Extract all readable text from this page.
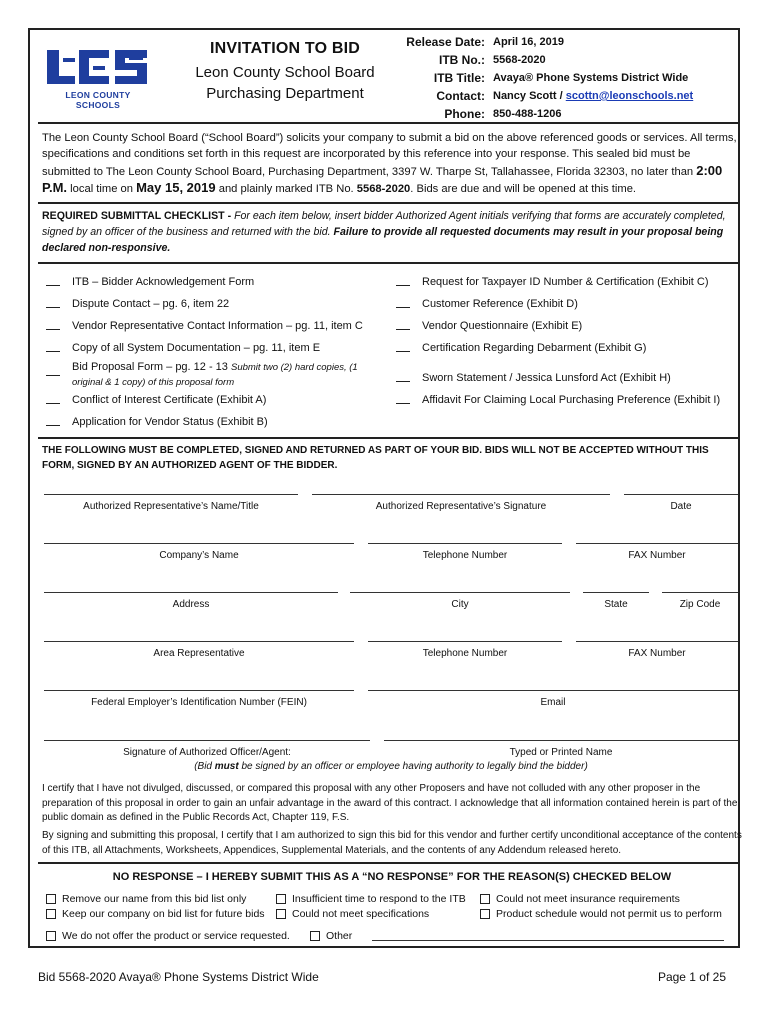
LEON COUNTY SCHOOLS
INVITATION TO BID
Leon County School Board
Purchasing Department
Release Date: April 16, 2019
ITB No.: 5568-2020
ITB Title: Avaya® Phone Systems District Wide
Contact: Nancy Scott / scottn@leonschools.net
Phone: 850-488-1206
The Leon County School Board (“School Board”) solicits your company to submit a bid on the above referenced goods or services. All terms, specifications and conditions set forth in this request are incorporated by this reference into your response. This sealed bid must be submitted to The Leon County School Board, Purchasing Department, 3397 W. Tharpe St, Tallahassee, Florida 32303, no later than 2:00 P.M. local time on May 15, 2019 and plainly marked ITB No. 5568-2020. Bids are due and will be opened at this time.
REQUIRED SUBMITTAL CHECKLIST - For each item below, insert bidder Authorized Agent initials verifying that forms are accurately completed, signed by an officer of the business and returned with the bid. Failure to provide all requested documents may result in your proposal being declared non-responsive.
ITB – Bidder Acknowledgement Form
Dispute Contact – pg. 6, item 22
Vendor Representative Contact Information – pg. 11, item C
Copy of all System Documentation – pg. 11, item E
Bid Proposal Form – pg. 12 - 13 Submit two (2) hard copies, (1 original & 1 copy) of this proposal form
Conflict of Interest Certificate (Exhibit A)
Application for Vendor Status (Exhibit B)
Request for Taxpayer ID Number & Certification (Exhibit C)
Customer Reference (Exhibit D)
Vendor Questionnaire (Exhibit E)
Certification Regarding Debarment (Exhibit G)
Sworn Statement / Jessica Lunsford Act (Exhibit H)
Affidavit For Claiming Local Purchasing Preference (Exhibit I)
THE FOLLOWING MUST BE COMPLETED, SIGNED AND RETURNED AS PART OF YOUR BID. BIDS WILL NOT BE ACCEPTED WITHOUT THIS FORM, SIGNED BY AN AUTHORIZED AGENT OF THE BIDDER.
Authorized Representative’s Name/Title	Authorized Representative’s Signature	Date
Company’s Name	Telephone Number	FAX Number
Address	City	State	Zip Code
Area Representative	Telephone Number	FAX Number
Federal Employer’s Identification Number (FEIN)	Email
Signature of Authorized Officer/Agent:	Typed or Printed Name
(Bid must be signed by an officer or employee having authority to legally bind the bidder)
I certify that I have not divulged, discussed, or compared this proposal with any other Proposers and have not colluded with any other proposer in the preparation of this proposal in order to gain an unfair advantage in the award of this contract. I acknowledge that all information contained herein is part of the public domain as defined in the Public Records Act, Chapter 119, F.S.
By signing and submitting this proposal, I certify that I am authorized to sign this bid for this vendor and further certify unconditional acceptance of the contents of this ITB, all Attachments, Worksheets, Appendices, Supplemental Materials, and the contents of any Addendum released hereto.
NO RESPONSE – I HEREBY SUBMIT THIS AS A “NO RESPONSE” FOR THE REASON(S) CHECKED BELOW
Remove our name from this bid list only
Keep our company on bid list for future bids
Insufficient time to respond to the ITB
Could not meet specifications
Could not meet insurance requirements
Product schedule would not permit us to perform
We do not offer the product or service requested.	Other
Bid 5568-2020 Avaya® Phone Systems District Wide	Page 1 of 25
